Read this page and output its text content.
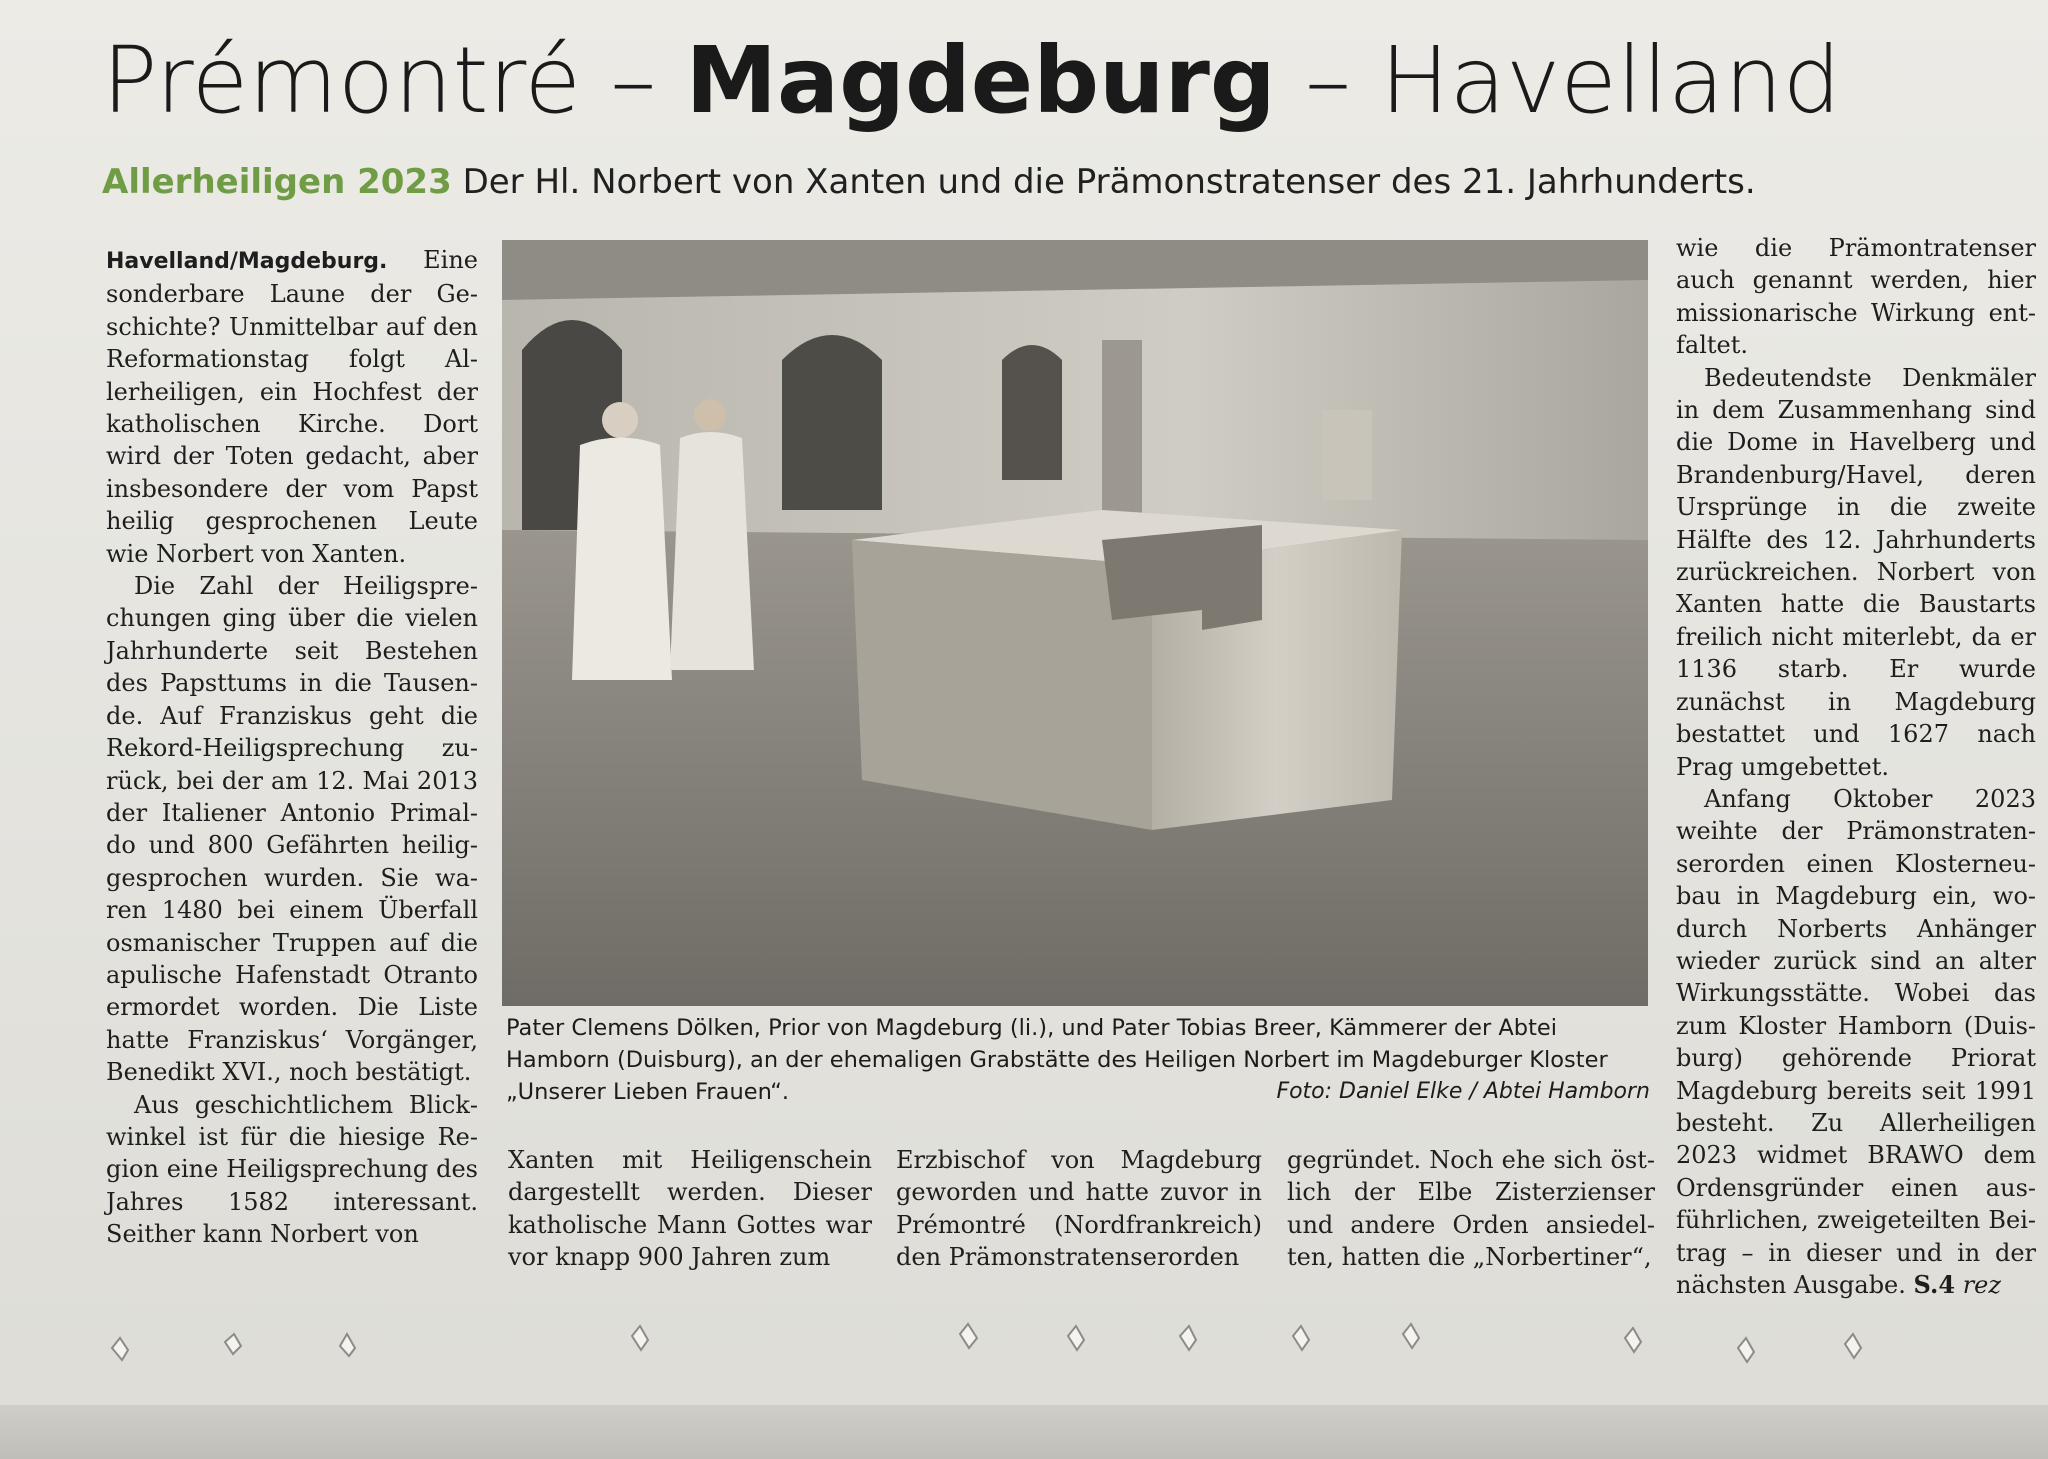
Prémontré – Magdeburg – Havelland
Allerheiligen 2023 Der Hl. Norbert von Xanten und die Prämonstratenser des 21. Jahrhunderts.

Havelland/Magdeburg. Eine sonderbare Laune der Geschichte? Unmittelbar auf den Reformationstag folgt Allerheiligen, ein Hochfest der katholischen Kirche. Dort wird der Toten gedacht, aber insbesondere der vom Papst heilig gesprochenen Leute wie Norbert von Xanten.

Die Zahl der Heiligsprechungen ging über die vielen Jahrhunderte seit Bestehen des Papsttums in die Tausende. Auf Franziskus geht die Rekord-Heiligsprechung zurück, bei der am 12. Mai 2013 der Italiener Antonio Primaldo und 800 Gefährten heiliggesprochen wurden. Sie waren 1480 bei einem Überfall osmanischer Truppen auf die apulische Hafenstadt Otranto ermordet worden. Die Liste hatte Franziskus‘ Vorgänger, Benedikt XVI., noch bestätigt.

Aus geschichtlichem Blickwinkel ist für die hiesige Region eine Heiligsprechung des Jahres 1582 interessant. Seither kann Norbert von

Pater Clemens Dölken, Prior von Magdeburg (li.), und Pater Tobias Breer, Kämmerer der Abtei Hamborn (Duisburg), an der ehemaligen Grabstätte des Heiligen Norbert im Magdeburger Kloster „Unserer Lieben Frauen“.	Foto: Daniel Elke / Abtei Hamborn

Xanten mit Heiligenschein dargestellt werden. Dieser katholische Mann Gottes war vor knapp 900 Jahren zum

Erzbischof von Magdeburg geworden und hatte zuvor in Prémontré (Nordfrankreich) den Prämonstratenserorden

gegründet. Noch ehe sich östlich der Elbe Zisterzienser und andere Orden ansiedelten, hatten die „Norbertiner“,

wie die Prämontratenser auch genannt werden, hier missionarische Wirkung entfaltet.

Bedeutendste Denkmäler in dem Zusammenhang sind die Dome in Havelberg und Brandenburg/Havel, deren Ursprünge in die zweite Hälfte des 12. Jahrhunderts zurückreichen. Norbert von Xanten hatte die Baustarts freilich nicht miterlebt, da er 1136 starb. Er wurde zunächst in Magdeburg bestattet und 1627 nach Prag umgebettet.

Anfang Oktober 2023 weihte der Prämonstratenserorden einen Klosterneubau in Magdeburg ein, wodurch Norberts Anhänger wieder zurück sind an alter Wirkungsstätte. Wobei das zum Kloster Hamborn (Duisburg) gehörende Priorat Magdeburg bereits seit 1991 besteht. Zu Allerheiligen 2023 widmet BRAWO dem Ordensgründer einen ausführlichen, zweigeteilten Beitrag – in dieser und in der nächsten Ausgabe. S.4 rez
